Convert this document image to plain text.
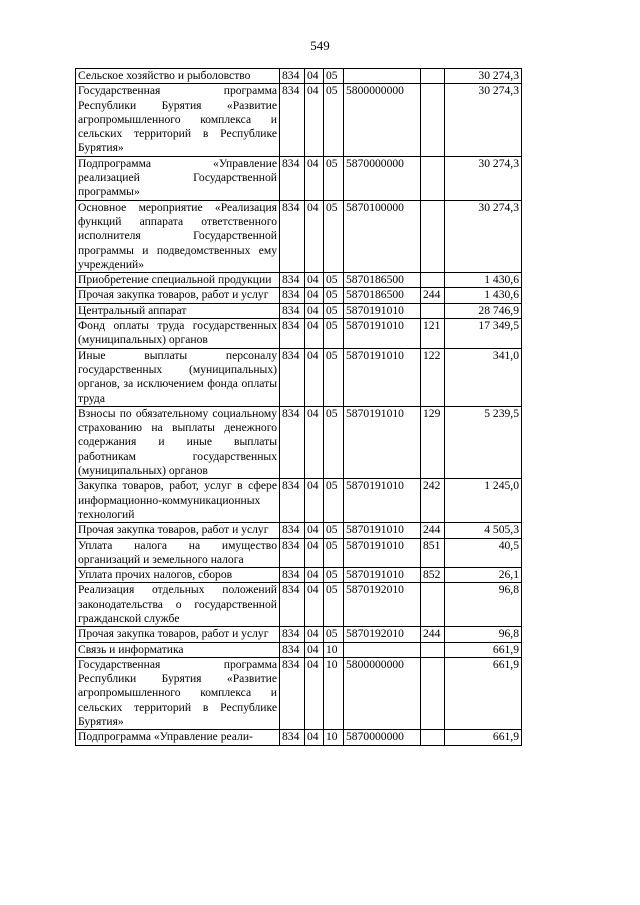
549
Сельское хозяйство и рыболовство	834	04	05			30 274,3
Государственная программа Республики Бурятия «Развитие агропромышленного комплекса и сельских территорий в Республике Бурятия»	834	04	05	5800000000		30 274,3
Подпрограмма «Управление реализацией Государственной программы»	834	04	05	5870000000		30 274,3
Основное мероприятие «Реализация функций аппарата ответственного исполнителя Государственной программы и подведомственных ему учреждений»	834	04	05	5870100000		30 274,3
Приобретение специальной продукции	834	04	05	5870186500		1 430,6
Прочая закупка товаров, работ и услуг	834	04	05	5870186500	244	1 430,6
Центральный аппарат	834	04	05	5870191010		28 746,9
Фонд оплаты труда государственных (муниципальных) органов	834	04	05	5870191010	121	17 349,5
Иные выплаты персоналу государственных (муниципальных) органов, за исключением фонда оплаты труда	834	04	05	5870191010	122	341,0
Взносы по обязательному социальному страхованию на выплаты денежного содержания и иные выплаты работникам государственных (муниципальных) органов	834	04	05	5870191010	129	5 239,5
Закупка товаров, работ, услуг в сфере информационно-коммуникационных технологий	834	04	05	5870191010	242	1 245,0
Прочая закупка товаров, работ и услуг	834	04	05	5870191010	244	4 505,3
Уплата налога на имущество организаций и земельного налога	834	04	05	5870191010	851	40,5
Уплата прочих налогов, сборов	834	04	05	5870191010	852	26,1
Реализация отдельных положений законодательства о государственной гражданской службе	834	04	05	5870192010		96,8
Прочая закупка товаров, работ и услуг	834	04	05	5870192010	244	96,8
Связь и информатика	834	04	10			661,9
Государственная программа Республики Бурятия «Развитие агропромышленного комплекса и сельских территорий в Республике Бурятия»	834	04	10	5800000000		661,9
Подпрограмма «Управление реали-	834	04	10	5870000000		661,9
